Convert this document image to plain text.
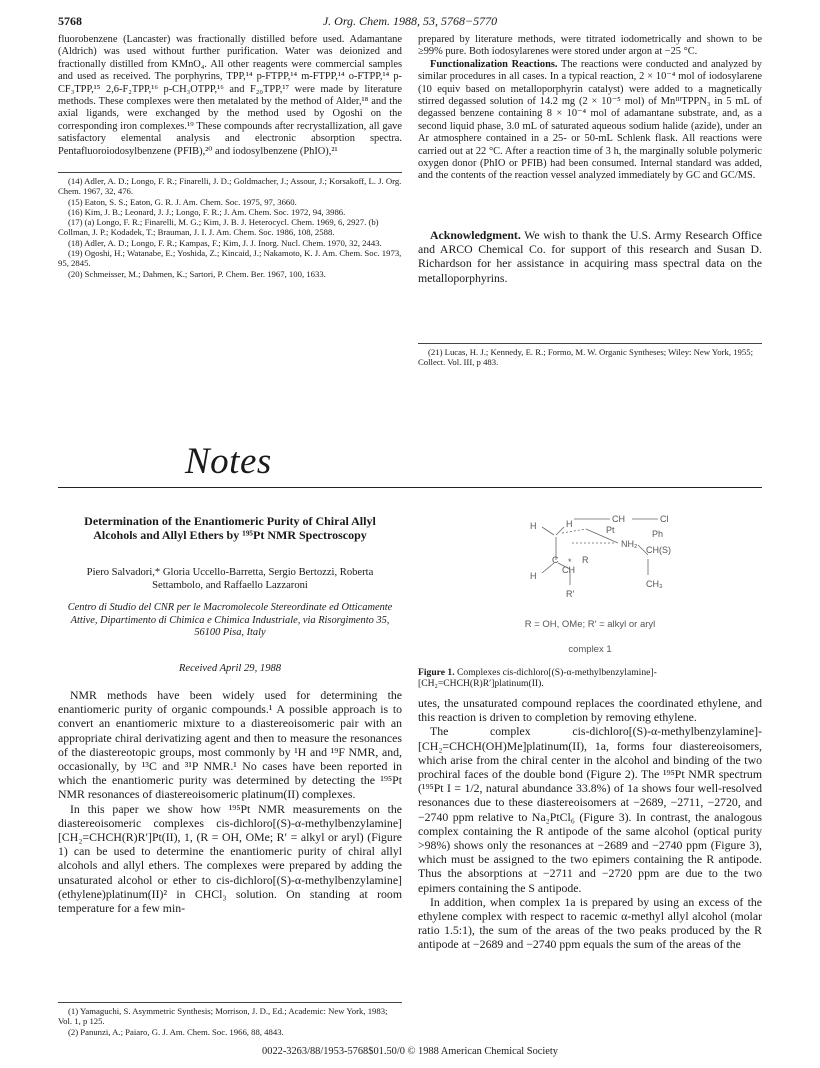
5768	J. Org. Chem. 1988, 53, 5768−5770

fluorobenzene (Lancaster) was fractionally distilled before used. Adamantane (Aldrich) was used without further purification. Water was deionized and fractionally distilled from KMnO₄. All other reagents were commercial samples and used as received. The porphyrins, TPP,¹⁴ p-FTPP,¹⁴ m-FTPP,¹⁴ o-FTPP,¹⁴ p-CF₃TPP,¹⁵ 2,6-F₂TPP,¹⁶ p-CH₃OTPP,¹⁶ and F₂₀TPP,¹⁷ were made by literature methods. These complexes were then metalated by the method of Alder,¹⁸ and the axial ligands, were exchanged by the method used by Ogoshi on the corresponding iron complexes.¹⁹ These compounds after recrystallization, all gave satisfactory elemental analysis and electronic absorption spectra. Pentafluoroiodosylbenzene (PFIB),²⁰ and iodosylbenzene (PhIO),²¹

(14) Adler, A. D.; Longo, F. R.; Finarelli, J. D.; Goldmacher, J.; Assour, J.; Korsakoff, L. J. Org. Chem. 1967, 32, 476.
(15) Eaton, S. S.; Eaton, G. R. J. Am. Chem. Soc. 1975, 97, 3660.
(16) Kim, J. B.; Leonard, J. J.; Longo, F. R.; J. Am. Chem. Soc. 1972, 94, 3986.
(17) (a) Longo, F. R.; Finarelli, M. G.; Kim, J. B. J. Heterocycl. Chem. 1969, 6, 2927. (b) Collman, J. P.; Kodadek, T.; Brauman, J. I. J. Am. Chem. Soc. 1986, 108, 2588.
(18) Adler, A. D.; Longo, F. R.; Kampas, F.; Kim, J. J. Inorg. Nucl. Chem. 1970, 32, 2443.
(19) Ogoshi, H.; Watanabe, E.; Yoshida, Z.; Kincaid, J.; Nakamoto, K. J. Am. Chem. Soc. 1973, 95, 2845.
(20) Schmeisser, M.; Dahmen, K.; Sartori, P. Chem. Ber. 1967, 100, 1633.

prepared by literature methods, were titrated iodometrically and shown to be ≥99% pure. Both iodosylarenes were stored under argon at −25 °C.

Functionalization Reactions. The reactions were conducted and analyzed by similar procedures in all cases. In a typical reaction, 2 × 10⁻⁴ mol of iodosylarene (10 equiv based on metalloporphyrin catalyst) were added to a magnetically stirred degassed solution of 14.2 mg (2 × 10⁻⁵ mol) of MnᴵᴵᴵTPPN₃ in 5 mL of degassed benzene containing 8 × 10⁻⁴ mol of adamantane substrate, and, as a second liquid phase, 3.0 mL of saturated aqueous sodium halide (azide), under an Ar atmosphere contained in a 25- or 50-mL Schlenk flask. All reactions were carried out at 22 °C. After a reaction time of 3 h, the marginally soluble polymeric oxygen donor (PhIO or PFIB) had been consumed. Internal standard was added, and the contents of the reaction vessel analyzed immediately by GC and GC/MS.

Acknowledgment. We wish to thank the U.S. Army Research Office and ARCO Chemical Co. for support of this research and Susan D. Richardson for her assistance in acquiring mass spectral data on the metalloporphyrins.

(21) Lucas, H. J.; Kennedy, E. R.; Formo, M. W. Organic Syntheses; Wiley: New York, 1955; Collect. Vol. III, p 483.
Notes
Determination of the Enantiomeric Purity of Chiral Allyl Alcohols and Allyl Ethers by ¹⁹⁵Pt NMR Spectroscopy
Piero Salvadori,* Gloria Uccello-Barretta, Sergio Bertozzi, Roberta Settambolo, and Raffaello Lazzaroni
Centro di Studio del CNR per le Macromolecole Stereordinate ed Otticamente Attive, Dipartimento di Chimica e Chimica Industriale, via Risorgimento 35, 56100 Pisa, Italy
Received April 29, 1988

NMR methods have been widely used for determining the enantiomeric purity of organic compounds.¹ A possible approach is to convert an enantiomeric mixture to a diastereoisomeric pair with an appropriate chiral derivatizing agent and then to measure the resonances of the diastereotopic groups, most commonly by ¹H and ¹⁹F NMR, and, occasionally, by ¹³C and ³¹P NMR.¹ No cases have been reported in which the enantiomeric purity was determined by detecting the ¹⁹⁵Pt NMR resonances of diastereoisomeric platinum(II) complexes.

In this paper we show how ¹⁹⁵Pt NMR measurements on the diastereoisomeric complexes cis-dichloro[(S)-α-methylbenzylamine][CH₂=CHCH(R)R′]Pt(II), 1, (R = OH, OMe; R′ = alkyl or aryl) (Figure 1) can be used to determine the enantiomeric purity of chiral allyl alcohols and allyl ethers. The complexes were prepared by adding the unsaturated alcohol or ether to cis-dichloro[(S)-α-methylbenzylamine](ethylene)platinum(II)² in CHCl₃ solution. On standing at room temperature for a few min-

(1) Yamaguchi, S. Asymmetric Synthesis; Morrison, J. D., Ed.; Academic: New York, 1983; Vol. 1, p 125.
(2) Panunzi, A.; Paiaro, G. J. Am. Chem. Soc. 1966, 88, 4843.
H	H	CH	Cl
Pt
C
NH₂
Ph
CH(S)
R
*
CH
H
CH₃
R′
R = OH, OMe; R′ = alkyl or aryl
complex 1
Figure 1. Complexes cis-dichloro[(S)-α-methylbenzylamine]-[CH₂=CHCH(R)R′]platinum(II).

utes, the unsaturated compound replaces the coordinated ethylene, and this reaction is driven to completion by removing ethylene.

The complex cis-dichloro[(S)-α-methylbenzylamine]-[CH₂=CHCH(OH)Me]platinum(II), 1a, forms four diastereoisomers, which arise from the chiral center in the alcohol and binding of the two prochiral faces of the double bond (Figure 2). The ¹⁹⁵Pt NMR spectrum (¹⁹⁵Pt I = 1/2, natural abundance 33.8%) of 1a shows four well-resolved resonances due to these diastereoisomers at −2689, −2711, −2720, and −2740 ppm relative to Na₂PtCl₆ (Figure 3). In contrast, the analogous complex containing the R antipode of the same alcohol (optical purity >98%) shows only the resonances at −2689 and −2740 ppm (Figure 3), which must be assigned to the two epimers containing the R antipode. Thus the absorptions at −2711 and −2720 ppm are due to the two epimers containing the S antipode.

In addition, when complex 1a is prepared by using an excess of the ethylene complex with respect to racemic α-methyl allyl alcohol (molar ratio 1.5:1), the sum of the areas of the two peaks produced by the R antipode at −2689 and −2740 ppm equals the sum of the areas of the

0022-3263/88/1953-5768$01.50/0 © 1988 American Chemical Society
